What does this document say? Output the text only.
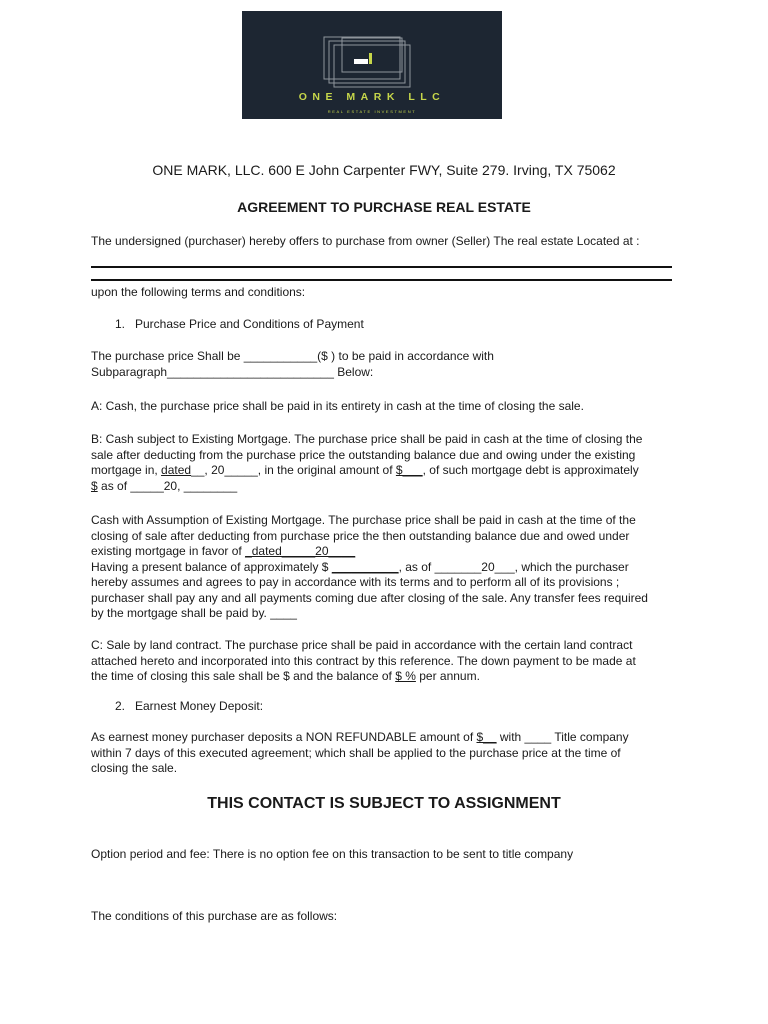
ONE MARK LLC
REAL ESTATE INVESTMENT
ONE MARK, LLC. 600 E John Carpenter FWY, Suite 279. Irving, TX 75062
AGREEMENT TO PURCHASE REAL ESTATE
The undersigned (purchaser) hereby offers to purchase from owner (Seller) The real estate Located at :
upon the following terms and conditions:
1. Purchase Price and Conditions of Payment
The purchase price Shall be ___________($ ) to be paid in accordance with
Subparagraph_________________________ Below:
A: Cash, the purchase price shall be paid in its entirety in cash at the time of closing the sale.
B: Cash subject to Existing Mortgage. The purchase price shall be paid in cash at the time of closing the
sale after deducting from the purchase price the outstanding balance due and owing under the existing
mortgage in, dated__, 20_____, in the original amount of $___, of such mortgage debt is approximately
$ as of _____20, ________
Cash with Assumption of Existing Mortgage. The purchase price shall be paid in cash at the time of the
closing of sale after deducting from purchase price the then outstanding balance due and owed under
existing mortgage in favor of _dated_____20____
Having a present balance of approximately $ __________, as of _______20___, which the purchaser
hereby assumes and agrees to pay in accordance with its terms and to perform all of its provisions ;
purchaser shall pay any and all payments coming due after closing of the sale. Any transfer fees required
by the mortgage shall be paid by. ____
C: Sale by land contract. The purchase price shall be paid in accordance with the certain land contract
attached hereto and incorporated into this contract by this reference. The down payment to be made at
the time of closing this sale shall be $ and the balance of $ % per annum.
2. Earnest Money Deposit:
As earnest money purchaser deposits a NON REFUNDABLE amount of $__ with ____ Title company
within 7 days of this executed agreement; which shall be applied to the purchase price at the time of
closing the sale.
THIS CONTACT IS SUBJECT TO ASSIGNMENT
Option period and fee: There is no option fee on this transaction to be sent to title company
The conditions of this purchase are as follows:
